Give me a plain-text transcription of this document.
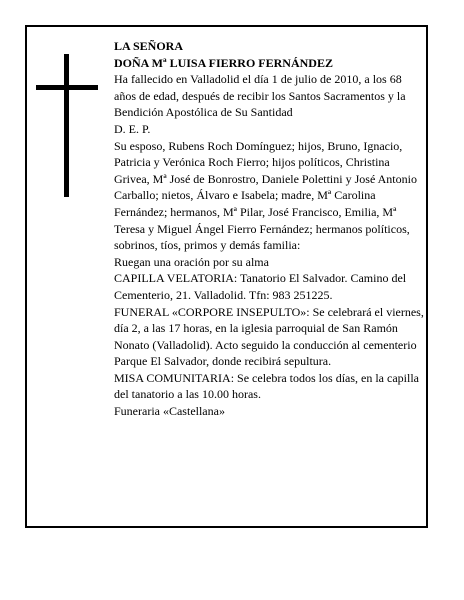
LA SEÑORA

DOÑA Mª LUISA FIERRO FERNÁNDEZ

Ha fallecido en Valladolid el día 1 de julio de 2010, a los 68 años de edad, después de recibir los Santos Sacramentos y la Bendición Apostólica de Su Santidad

D. E. P.

Su esposo, Rubens Roch Domínguez; hijos, Bruno, Ignacio, Patricia y Verónica Roch Fierro; hijos políticos, Christina Grivea, Mª José de Bonrostro, Daniele Polettini y José Antonio Carballo; nietos, Álvaro e Isabela; madre, Mª Carolina Fernández; hermanos, Mª Pilar, José Francisco, Emilia, Mª Teresa y Miguel Ángel Fierro Fernández; hermanos políticos, sobrinos, tíos, primos y demás familia:

Ruegan una oración por su alma

CAPILLA VELATORIA: Tanatorio El Salvador. Camino del Cementerio, 21. Valladolid. Tfn: 983 251225.

FUNERAL «CORPORE INSEPULTO»: Se celebrará el viernes, día 2, a las 17 horas, en la iglesia parroquial de San Ramón Nonato (Valladolid). Acto seguido la conducción al cementerio Parque El Salvador, donde recibirá sepultura.

MISA COMUNITARIA: Se celebra todos los días, en la capilla del tanatorio a las 10.00 horas.

Funeraria «Castellana»
